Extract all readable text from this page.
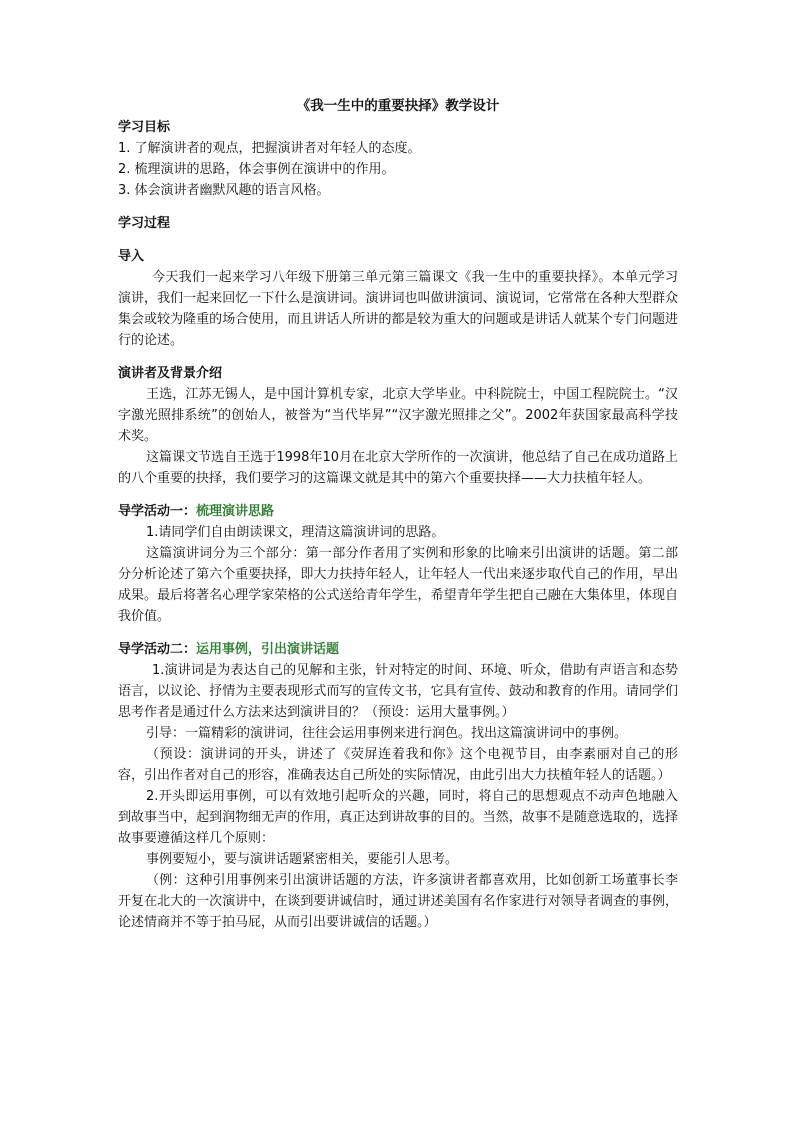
《我一生中的重要抉择》教学设计
学习目标
1. 了解演讲者的观点，把握演讲者对年轻人的态度。
2. 梳理演讲的思路，体会事例在演讲中的作用。
3. 体会演讲者幽默风趣的语言风格。
学习过程
导入
今天我们一起来学习八年级下册第三单元第三篇课文《我一生中的重要抉择》。本单元学习演讲，我们一起来回忆一下什么是演讲词。演讲词也叫做讲演词、演说词，它常常在各种大型群众集会或较为隆重的场合使用，而且讲话人所讲的都是较为重大的问题或是讲话人就某个专门问题进行的论述。
演讲者及背景介绍
王选，江苏无锡人，是中国计算机专家，北京大学毕业。中科院院士，中国工程院院士。“汉字激光照排系统”的创始人，被誉为“当代毕昇”“汉字激光照排之父”。2002年获国家最高科学技术奖。
这篇课文节选自王选于1998年10月在北京大学所作的一次演讲，他总结了自己在成功道路上的八个重要的抉择，我们要学习的这篇课文就是其中的第六个重要抉择——大力扶植年轻人。
导学活动一：梳理演讲思路
1.请同学们自由朗读课文，理清这篇演讲词的思路。
这篇演讲词分为三个部分：第一部分作者用了实例和形象的比喻来引出演讲的话题。第二部分分析论述了第六个重要抉择，即大力扶持年轻人，让年轻人一代出来逐步取代自己的作用，早出成果。最后将著名心理学家荣格的公式送给青年学生，希望青年学生把自己融在大集体里，体现自我价值。
导学活动二：运用事例，引出演讲话题
1.演讲词是为表达自己的见解和主张，针对特定的时间、环境、听众，借助有声语言和态势语言，以议论、抒情为主要表现形式而写的宣传文书，它具有宣传、鼓动和教育的作用。请同学们思考作者是通过什么方法来达到演讲目的？（预设：运用大量事例。）
引导：一篇精彩的演讲词，往往会运用事例来进行润色。找出这篇演讲词中的事例。
（预设：演讲词的开头，讲述了《荧屏连着我和你》这个电视节目，由李素丽对自己的形容，引出作者对自己的形容，准确表达自己所处的实际情况，由此引出大力扶植年轻人的话题。）
2.开头即运用事例，可以有效地引起听众的兴趣，同时，将自己的思想观点不动声色地融入到故事当中，起到润物细无声的作用，真正达到讲故事的目的。当然，故事不是随意选取的，选择故事要遵循这样几个原则：
事例要短小，要与演讲话题紧密相关，要能引人思考。
（例：这种引用事例来引出演讲话题的方法，许多演讲者都喜欢用，比如创新工场董事长李开复在北大的一次演讲中，在谈到要讲诚信时，通过讲述美国有名作家进行对领导者调查的事例，论述情商并不等于拍马屁，从而引出要讲诚信的话题。）
